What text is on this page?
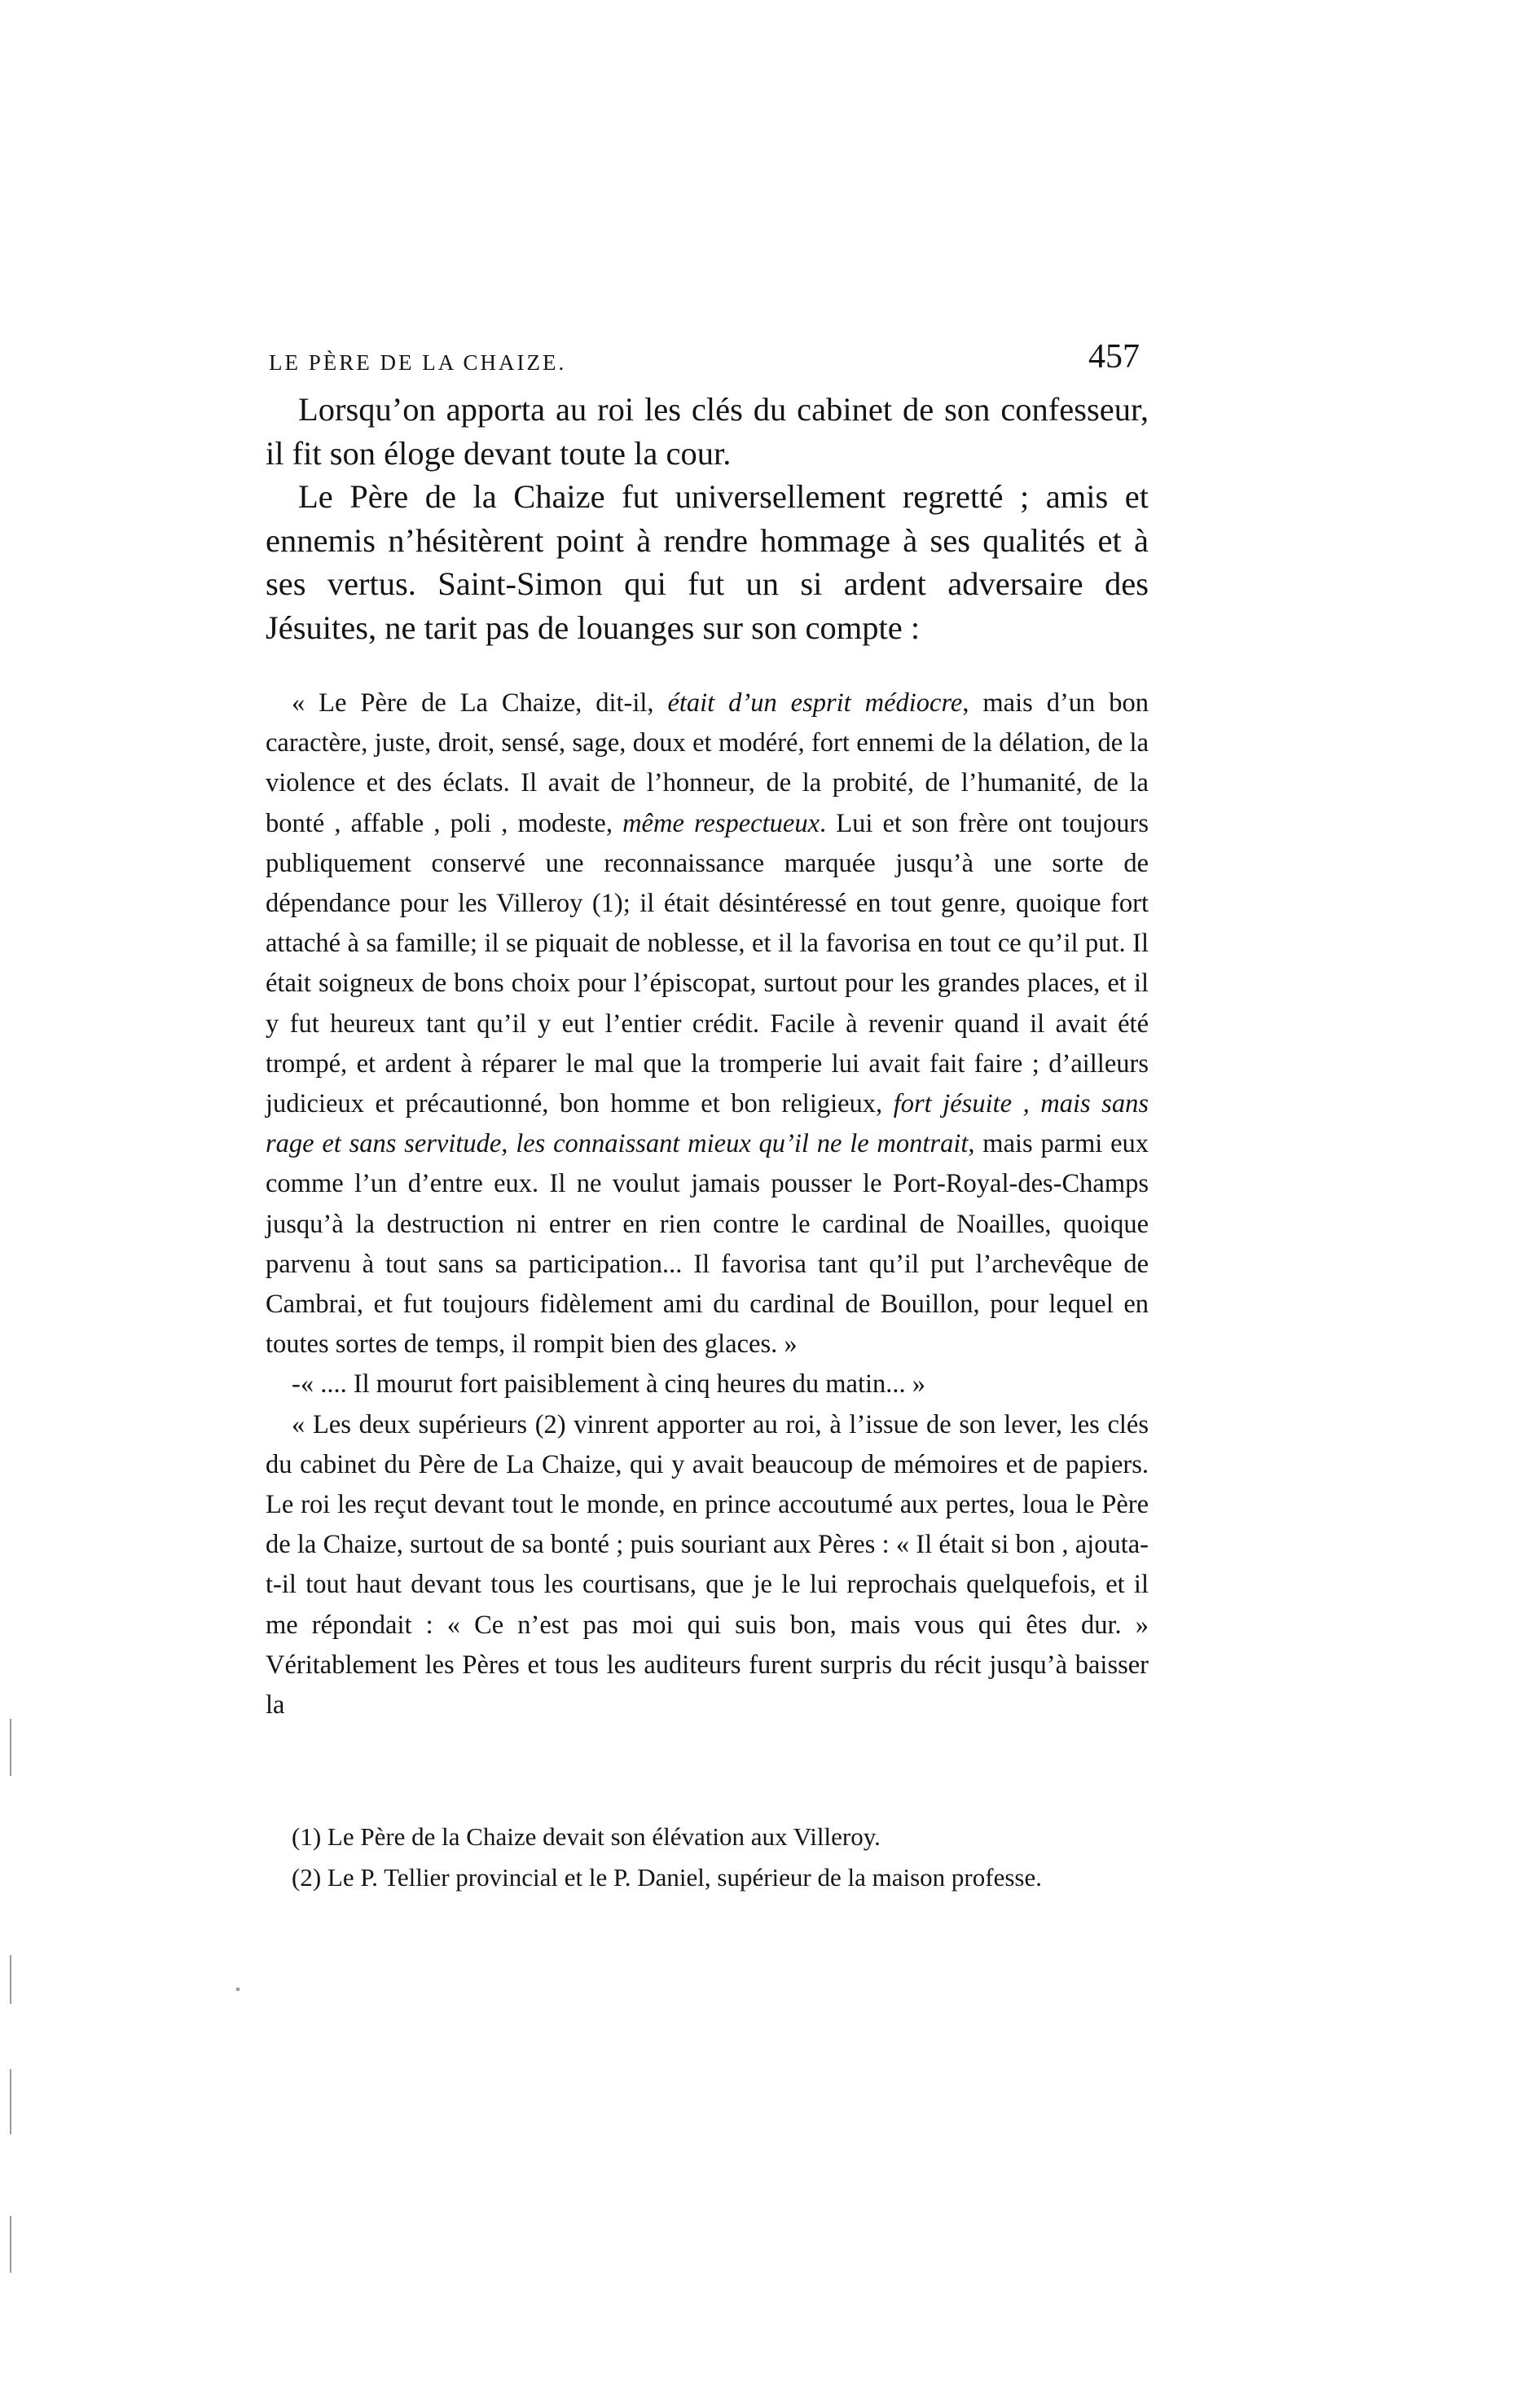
LE PÈRE DE LA CHAIZE.	457

Lorsqu’on apporta au roi les clés du cabinet de son confesseur, il fit son éloge devant toute la cour.

Le Père de la Chaize fut universellement regretté ; amis et ennemis n’hésitèrent point à rendre hommage à ses qualités et à ses vertus. Saint-Simon qui fut un si ardent adversaire des Jésuites, ne tarit pas de louanges sur son compte :

« Le Père de La Chaize, dit-il, était d’un esprit médiocre, mais d’un bon caractère, juste, droit, sensé, sage, doux et modéré, fort ennemi de la délation, de la violence et des éclats. Il avait de l’honneur, de la probité, de l’humanité, de la bonté , affable , poli , modeste, même respectueux. Lui et son frère ont toujours publiquement conservé une reconnaissance marquée jusqu’à une sorte de dépendance pour les Villeroy (1); il était désintéressé en tout genre, quoique fort attaché à sa famille; il se piquait de noblesse, et il la favorisa en tout ce qu’il put. Il était soigneux de bons choix pour l’épiscopat, surtout pour les grandes places, et il y fut heureux tant qu’il y eut l’entier crédit. Facile à revenir quand il avait été trompé, et ardent à réparer le mal que la tromperie lui avait fait faire ; d’ailleurs judicieux et précautionné, bon homme et bon religieux, fort jésuite , mais sans rage et sans servitude, les connaissant mieux qu’il ne le montrait, mais parmi eux comme l’un d’entre eux. Il ne voulut jamais pousser le Port-Royal-des-Champs jusqu’à la destruction ni entrer en rien contre le cardinal de Noailles, quoique parvenu à tout sans sa participation... Il favorisa tant qu’il put l’archevêque de Cambrai, et fut toujours fidèlement ami du cardinal de Bouillon, pour lequel en toutes sortes de temps, il rompit bien des glaces. »

-« .... Il mourut fort paisiblement à cinq heures du matin... »

« Les deux supérieurs (2) vinrent apporter au roi, à l’issue de son lever, les clés du cabinet du Père de La Chaize, qui y avait beaucoup de mémoires et de papiers. Le roi les reçut devant tout le monde, en prince accoutumé aux pertes, loua le Père de la Chaize, surtout de sa bonté ; puis souriant aux Pères : « Il était si bon , ajouta-t-il tout haut devant tous les courtisans, que je le lui reprochais quelquefois, et il me répondait : « Ce n’est pas moi qui suis bon, mais vous qui êtes dur. » Véritablement les Pères et tous les auditeurs furent surpris du récit jusqu’à baisser la

(1) Le Père de la Chaize devait son élévation aux Villeroy.

(2) Le P. Tellier provincial et le P. Daniel, supérieur de la maison professe.
